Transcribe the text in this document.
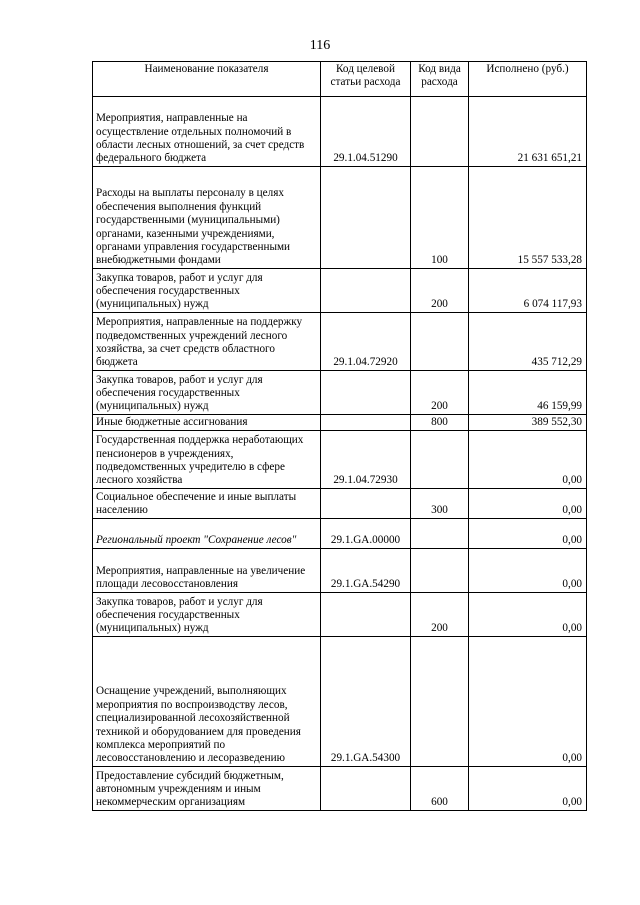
116
Наименование показателя	Код целевой статьи расхода	Код вида расхода	Исполнено (руб.)
Мероприятия, направленные на осуществление отдельных полномочий в области лесных отношений, за счет средств федерального бюджета	29.1.04.51290		21 631 651,21
Расходы на выплаты персоналу в целях обеспечения выполнения функций государственными (муниципальными) органами, казенными учреждениями, органами управления государственными внебюджетными фондами		100	15 557 533,28
Закупка товаров, работ и услуг для обеспечения государственных (муниципальных) нужд		200	6 074 117,93
Мероприятия, направленные на поддержку подведомственных учреждений лесного хозяйства, за счет средств областного бюджета	29.1.04.72920		435 712,29
Закупка товаров, работ и услуг для обеспечения государственных (муниципальных) нужд		200	46 159,99
Иные бюджетные ассигнования		800	389 552,30
Государственная поддержка неработающих пенсионеров в учреждениях, подведомственных учредителю в сфере лесного хозяйства	29.1.04.72930		0,00
Социальное обеспечение и иные выплаты населению		300	0,00
Региональный проект "Сохранение лесов"	29.1.GA.00000		0,00
Мероприятия, направленные на увеличение площади лесовосстановления	29.1.GA.54290		0,00
Закупка товаров, работ и услуг для обеспечения государственных (муниципальных) нужд		200	0,00
Оснащение учреждений, выполняющих мероприятия по воспроизводству лесов, специализированной лесохозяйственной техникой и оборудованием для проведения комплекса мероприятий по лесовосстановлению и лесоразведению	29.1.GA.54300		0,00
Предоставление субсидий бюджетным, автономным учреждениям и иным некоммерческим организациям		600	0,00
